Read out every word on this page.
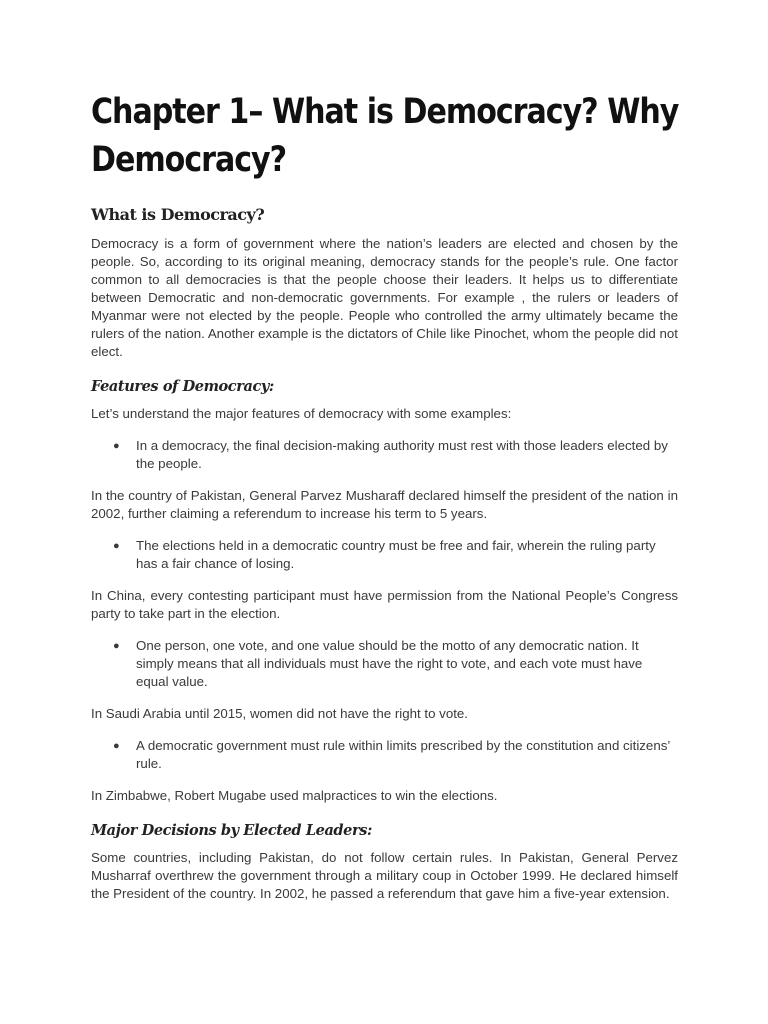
Chapter 1– What is Democracy? Why Democracy?
What is Democracy?

Democracy is a form of government where the nation’s leaders are elected and chosen by the people. So, according to its original meaning, democracy stands for the people’s rule. One factor common to all democracies is that the people choose their leaders. It helps us to differentiate between Democratic and non-democratic governments. For example , the rulers or leaders of Myanmar were not elected by the people. People who controlled the army ultimately became the rulers of the nation. Another example is the dictators of Chile like Pinochet, whom the people did not elect.

Features of Democracy:

Let’s understand the major features of democracy with some examples:

● In a democracy, the final decision-making authority must rest with those leaders elected by the people.

In the country of Pakistan, General Parvez Musharaff declared himself the president of the nation in 2002, further claiming a referendum to increase his term to 5 years.

● The elections held in a democratic country must be free and fair, wherein the ruling party has a fair chance of losing.

In China, every contesting participant must have permission from the National People’s Congress party to take part in the election.

● One person, one vote, and one value should be the motto of any democratic nation. It simply means that all individuals must have the right to vote, and each vote must have equal value.

In Saudi Arabia until 2015, women did not have the right to vote.

● A democratic government must rule within limits prescribed by the constitution and citizens’ rule.

In Zimbabwe, Robert Mugabe used malpractices to win the elections.

Major Decisions by Elected Leaders:

Some countries, including Pakistan, do not follow certain rules. In Pakistan, General Pervez Musharraf overthrew the government through a military coup in October 1999. He declared himself the President of the country. In 2002, he passed a referendum that gave him a five-year extension.
